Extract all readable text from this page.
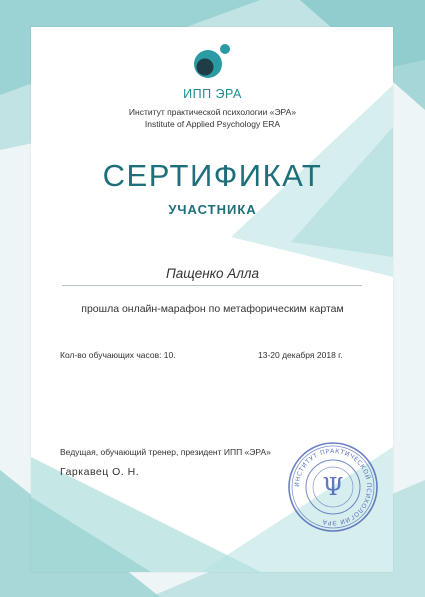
ИПП ЭРА
Институт практической психологии «ЭРА»
Institute of Applied Psychology ERA
СЕРТИФИКАТ
УЧАСТНИКА
Пащенко Алла
прошла онлайн-марафон по метафорическим картам
Кол-во обучающих часов: 10.	13-20 декабря 2018 г.
Ведущая, обучающий тренер, президент ИПП «ЭРА»
Гаркавец О. Н.
ИНСТИТУТ ПРАКТИЧЕСКОЙ ПСИХОЛОГИИ ЭРА
Ψ
